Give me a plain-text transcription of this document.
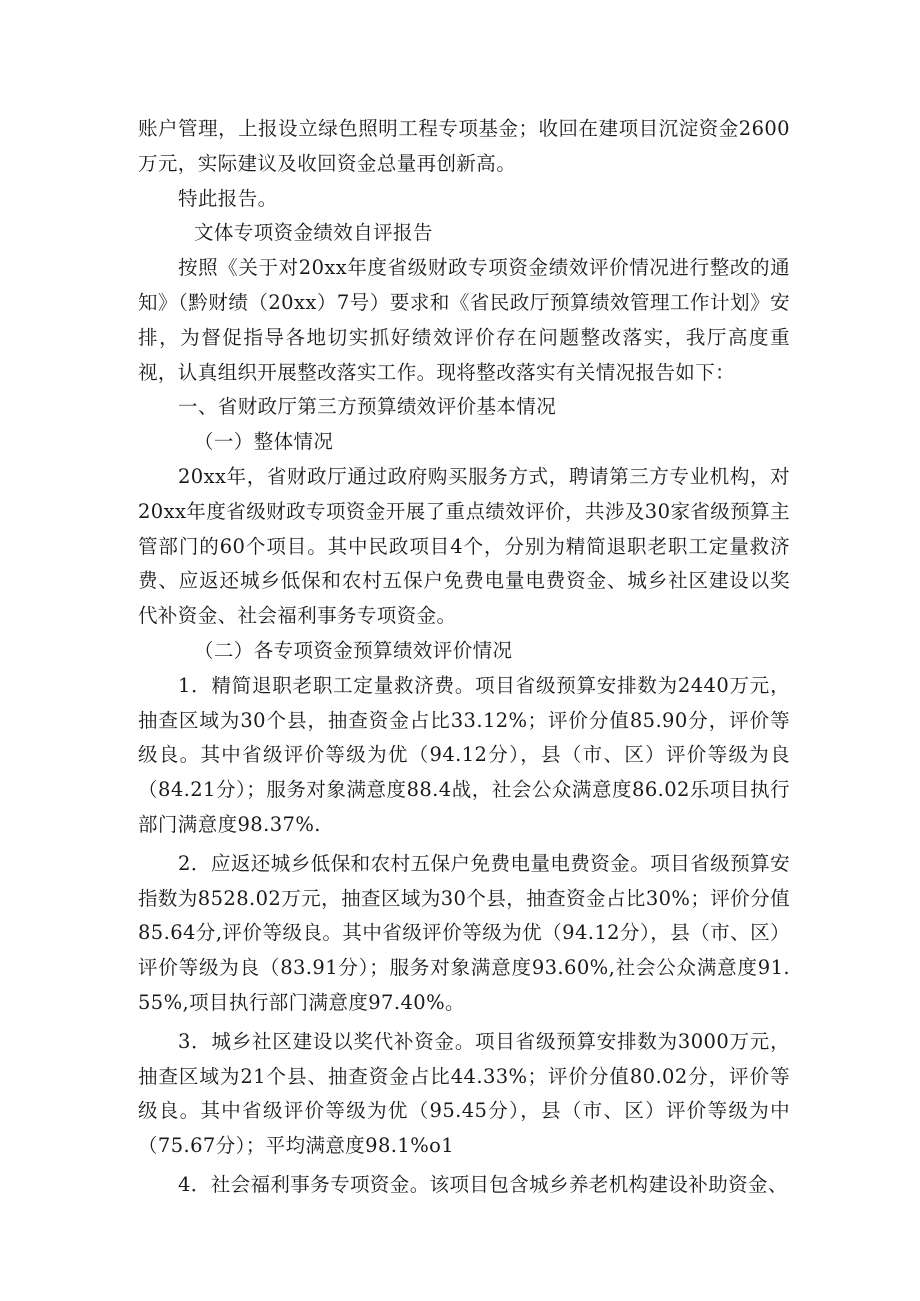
账户管理，上报设立绿色照明工程专项基金；收回在建项目沉淀资金2600万元，实际建议及收回资金总量再创新高。

特此报告。

文体专项资金绩效自评报告

按照《关于对20xx年度省级财政专项资金绩效评价情况进行整改的通知》（黔财绩（20xx）7号）要求和《省民政厅预算绩效管理工作计划》安排，为督促指导各地切实抓好绩效评价存在问题整改落实，我厅高度重视，认真组织开展整改落实工作。现将整改落实有关情况报告如下：

一、省财政厅第三方预算绩效评价基本情况

（一）整体情况

20xx年，省财政厅通过政府购买服务方式，聘请第三方专业机构，对20xx年度省级财政专项资金开展了重点绩效评价，共涉及30家省级预算主管部门的60个项目。其中民政项目4个，分别为精简退职老职工定量救济费、应返还城乡低保和农村五保户免费电量电费资金、城乡社区建设以奖代补资金、社会福利事务专项资金。

（二）各专项资金预算绩效评价情况

1．精简退职老职工定量救济费。项目省级预算安排数为2440万元，抽查区域为30个县，抽查资金占比33.12%；评价分值85.90分，评价等级良。其中省级评价等级为优（94.12分），县（市、区）评价等级为良（84.21分）；服务对象满意度88.4战，社会公众满意度86.02乐项目执行部门满意度98.37%.

2．应返还城乡低保和农村五保户免费电量电费资金。项目省级预算安指数为8528.02万元，抽查区域为30个县，抽查资金占比30%；评价分值85.64分,评价等级良。其中省级评价等级为优（94.12分），县（市、区）评价等级为良（83.91分）；服务对象满意度93.60%,社会公众满意度91.55%,项目执行部门满意度97.40%。

3．城乡社区建设以奖代补资金。项目省级预算安排数为3000万元，抽查区域为21个县、抽查资金占比44.33%；评价分值80.02分，评价等级良。其中省级评价等级为优（95.45分），县（市、区）评价等级为中（75.67分）；平均满意度98.1%o1

4．社会福利事务专项资金。该项目包含城乡养老机构建设补助资金、
